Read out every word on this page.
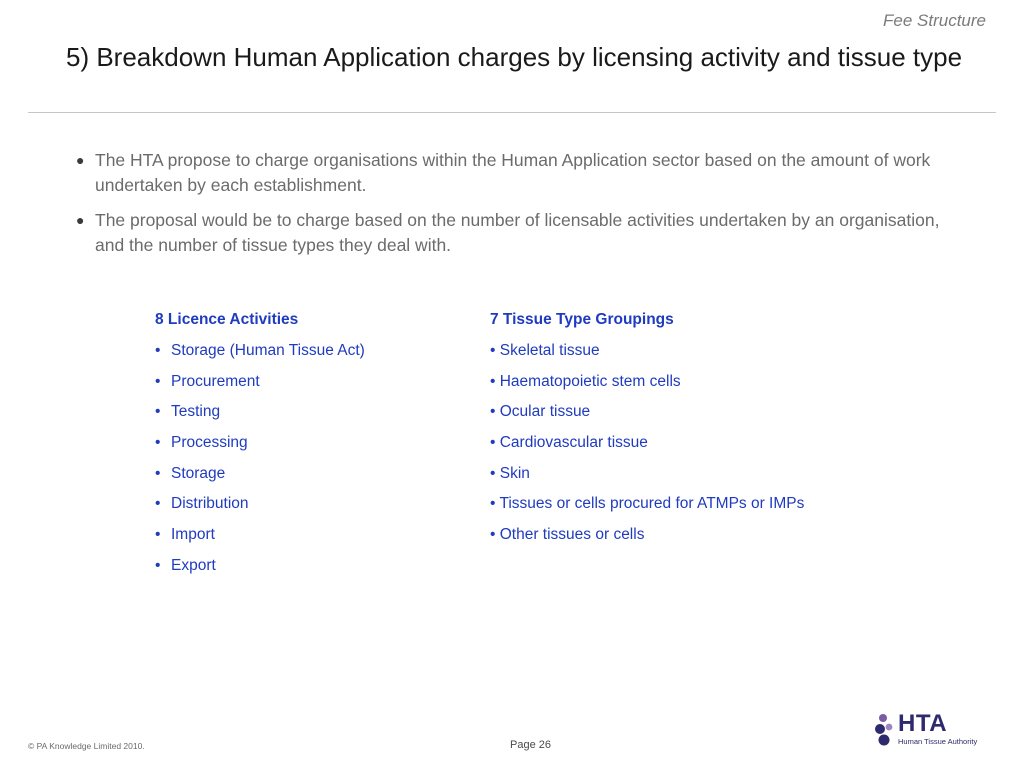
Fee Structure
5) Breakdown Human Application charges by licensing activity and tissue type
● The HTA propose to charge organisations within the Human Application sector based on the amount of work undertaken by each establishment.
● The proposal would be to charge based on the number of licensable activities undertaken by an organisation, and the number of tissue types they deal with.
8 Licence Activities
• Storage (Human Tissue Act)
• Procurement
• Testing
• Processing
• Storage
• Distribution
• Import
• Export
7 Tissue Type Groupings
• Skeletal tissue
• Haematopoietic stem cells
• Ocular tissue
• Cardiovascular tissue
• Skin
• Tissues or cells procured for ATMPs or IMPs
• Other tissues or cells
© PA Knowledge Limited 2010.	Page 26
HTA
Human Tissue Authority
